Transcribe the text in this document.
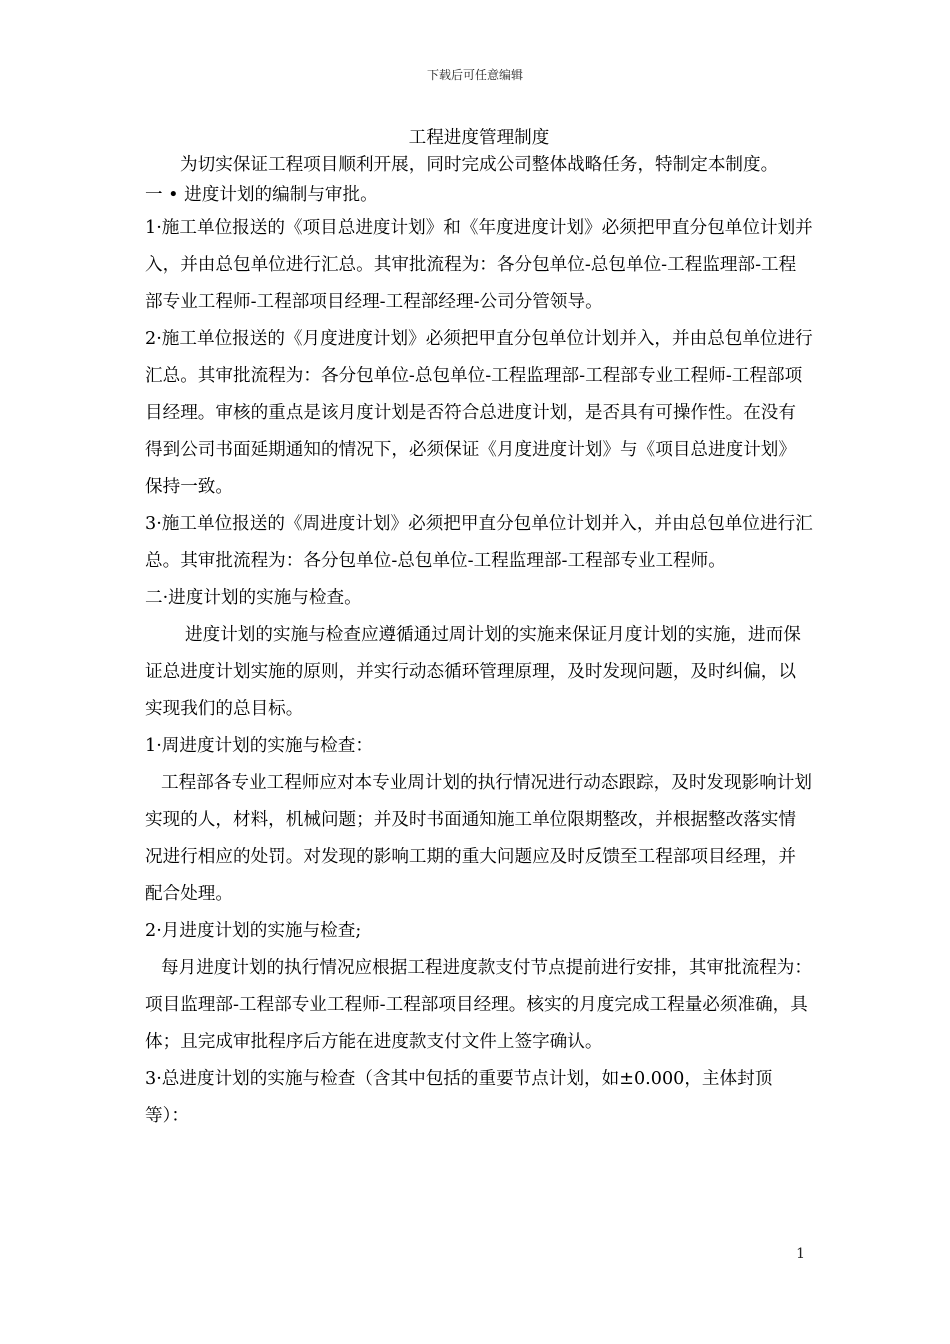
下载后可任意编辑
工程进度管理制度

为切实保证工程项目顺利开展，同时完成公司整体战略任务，特制定本制度。

一 • 进度计划的编制与审批。

1·施工单位报送的《项目总进度计划》和《年度进度计划》必须把甲直分包单位计划并入，并由总包单位进行汇总。其审批流程为：各分包单位-总包单位-工程监理部-工程部专业工程师-工程部项目经理-工程部经理-公司分管领导。

2·施工单位报送的《月度进度计划》必须把甲直分包单位计划并入，并由总包单位进行汇总。其审批流程为：各分包单位-总包单位-工程监理部-工程部专业工程师-工程部项目经理。审核的重点是该月度计划是否符合总进度计划，是否具有可操作性。在没有得到公司书面延期通知的情况下，必须保证《月度进度计划》与《项目总进度计划》保持一致。

3·施工单位报送的《周进度计划》必须把甲直分包单位计划并入，并由总包单位进行汇总。其审批流程为：各分包单位-总包单位-工程监理部-工程部专业工程师。

二·进度计划的实施与检查。

进度计划的实施与检查应遵循通过周计划的实施来保证月度计划的实施，进而保证总进度计划实施的原则，并实行动态循环管理原理，及时发现问题，及时纠偏，以实现我们的总目标。

1·周进度计划的实施与检查：

工程部各专业工程师应对本专业周计划的执行情况进行动态跟踪，及时发现影响计划实现的人，材料，机械问题；并及时书面通知施工单位限期整改，并根据整改落实情况进行相应的处罚。对发现的影响工期的重大问题应及时反馈至工程部项目经理，并配合处理。

2·月进度计划的实施与检查;

每月进度计划的执行情况应根据工程进度款支付节点提前进行安排，其审批流程为：项目监理部-工程部专业工程师-工程部项目经理。核实的月度完成工程量必须准确，具体；且完成审批程序后方能在进度款支付文件上签字确认。

3·总进度计划的实施与检查（含其中包括的重要节点计划，如±0.000，主体封顶等）：

1
